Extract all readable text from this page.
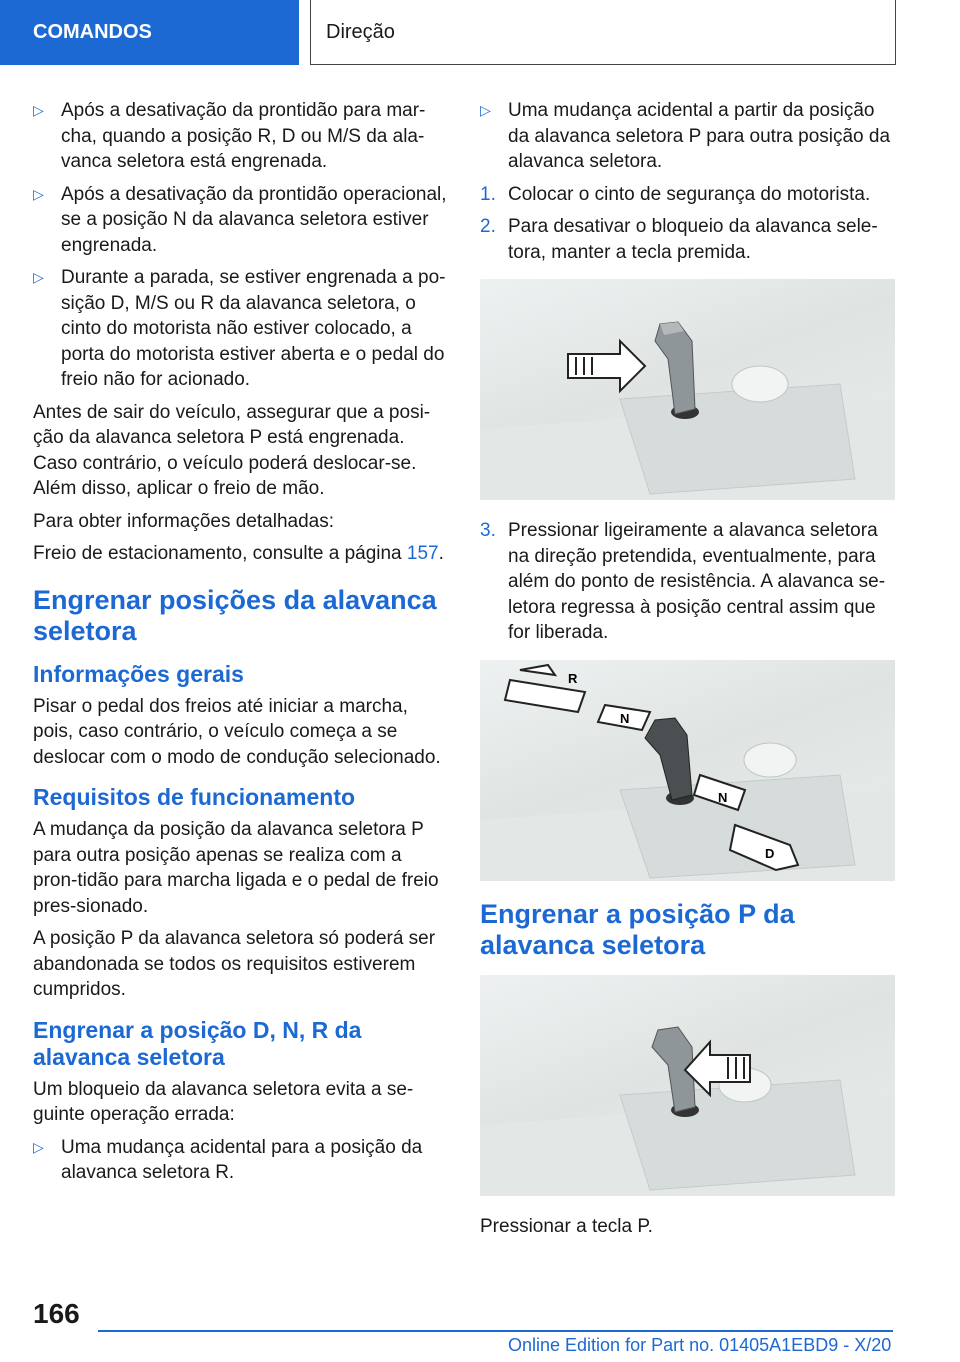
COMANDOS	Direção
▷ Após a desativação da prontidão para mar-cha, quando a posição R, D ou M/S da ala-vanca seletora está engrenada.
▷ Após a desativação da prontidão operacional, se a posição N da alavanca seletora estiver engrenada.
▷ Durante a parada, se estiver engrenada a po-sição D, M/S ou R da alavanca seletora, o cinto do motorista não estiver colocado, a porta do motorista estiver aberta e o pedal do freio não for acionado.

Antes de sair do veículo, assegurar que a posi-ção da alavanca seletora P está engrenada. Caso contrário, o veículo poderá deslocar-se. Além disso, aplicar o freio de mão.

Para obter informações detalhadas:

Freio de estacionamento, consulte a página 157.

Engrenar posições da alavanca seletora
Informações gerais

Pisar o pedal dos freios até iniciar a marcha, pois, caso contrário, o veículo começa a se deslocar com o modo de condução selecionado.

Requisitos de funcionamento

A mudança da posição da alavanca seletora P para outra posição apenas se realiza com a pron-tidão para marcha ligada e o pedal de freio pres-sionado.

A posição P da alavanca seletora só poderá ser abandonada se todos os requisitos estiverem cumpridos.

Engrenar a posição D, N, R da alavanca seletora

Um bloqueio da alavanca seletora evita a se-guinte operação errada:

▷ Uma mudança acidental para a posição da alavanca seletora R.
▷ Uma mudança acidental a partir da posição da alavanca seletora P para outra posição da alavanca seletora.
1. Colocar o cinto de segurança do motorista.
2. Para desativar o bloqueio da alavanca sele-tora, manter a tecla premida.
3. Pressionar ligeiramente a alavanca seletora na direção pretendida, eventualmente, para além do ponto de resistência. A alavanca se-letora regressa à posição central assim que for liberada.
R
N
N
D
Engrenar a posição P da alavanca seletora

Pressionar a tecla P.

166
Online Edition for Part no. 01405A1EBD9 - X/20
